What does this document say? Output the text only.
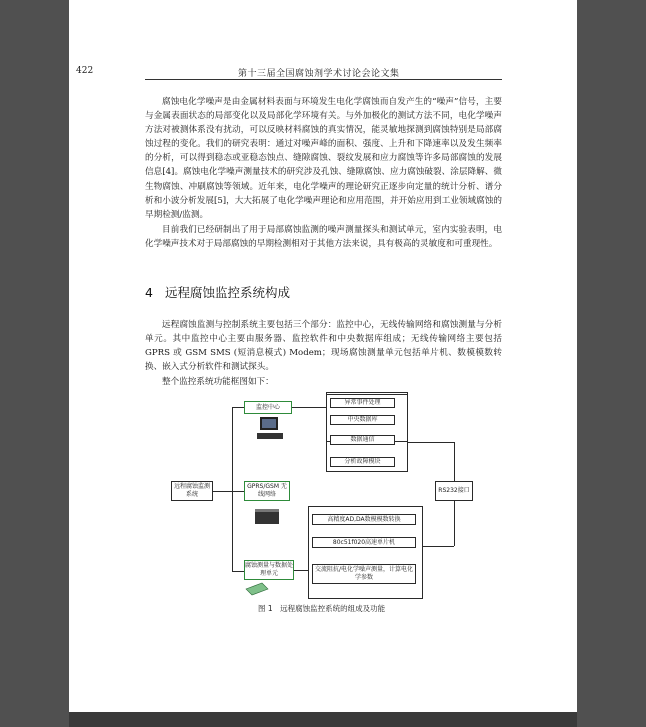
422	第十三届全国腐蚀剂学术讨论会论文集

腐蚀电化学噪声是由金属材料表面与环境发生电化学腐蚀而自发产生的“噪声”信号，主要与金属表面状态的局部变化以及局部化学环境有关。与外加极化的测试方法不同，电化学噪声方法对被测体系没有扰动，可以反映材料腐蚀的真实情况，能灵敏地探测到腐蚀特别是局部腐蚀过程的变化。我们的研究表明：通过对噪声峰的面积、强度、上升和下降速率以及发生频率的分析，可以得到稳态或亚稳态蚀点、缝隙腐蚀、裂纹发展和应力腐蚀等许多局部腐蚀的发展信息[4]。腐蚀电化学噪声测量技术的研究涉及孔蚀、缝隙腐蚀、应力腐蚀破裂、涂层降解、微生物腐蚀、冲刷腐蚀等领域。近年来，电化学噪声的理论研究正逐步向定量的统计分析、谱分析和小波分析发展[5]，大大拓展了电化学噪声理论和应用范围，并开始应用到工业领域腐蚀的早期检测/监测。

目前我们已经研制出了用于局部腐蚀监测的噪声测量探头和测试单元，室内实验表明，电化学噪声技术对于局部腐蚀的早期检测相对于其他方法来说，具有极高的灵敏度和可重现性。

4 远程腐蚀监控系统构成

远程腐蚀监测与控制系统主要包括三个部分：监控中心，无线传输网络和腐蚀测量与分析单元。其中监控中心主要由服务器、监控软件和中央数据库组成；无线传输网络主要包括GPRS 或 GSM SMS (短消息模式) Modem；现场腐蚀测量单元包括单片机、数模模数转换、嵌入式分析软件和测试探头。

整个监控系统功能框图如下：

监控中心
异常事件处理
中央数据库
数据通信
分析故障模块
远程腐蚀监测系统
GPRS/GSM 无线网络
RS232接口
高精度AD,DA数模模数转换
80c51f020高速单片机
交流阻抗/电化学噪声测量，计算电化学参数
腐蚀测量与数据处理单元
图 1　远程腐蚀监控系统的组成及功能
